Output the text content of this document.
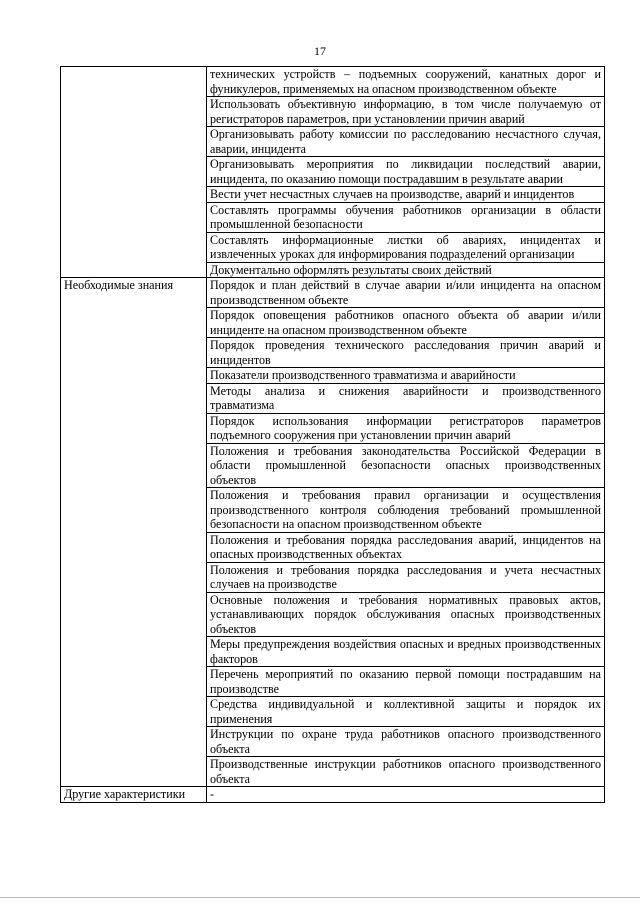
17
	технических устройств – подъемных сооружений, канатных дорог и фуникулеров, применяемых на опасном производственном объекте
	Использовать объективную информацию, в том числе получаемую от регистраторов параметров, при установлении причин аварий
	Организовывать работу комиссии по расследованию несчастного случая, аварии, инцидента
	Организовывать мероприятия по ликвидации последствий аварии, инцидента, по оказанию помощи пострадавшим в результате аварии
	Вести учет несчастных случаев на производстве, аварий и инцидентов
	Составлять программы обучения работников организации в области промышленной безопасности
	Составлять информационные листки об авариях, инцидентах и извлеченных уроках для информирования подразделений организации
	Документально оформлять результаты своих действий
Необходимые знания	Порядок и план действий в случае аварии и/или инцидента на опасном производственном объекте
	Порядок оповещения работников опасного объекта об аварии и/или инциденте на опасном производственном объекте
	Порядок проведения технического расследования причин аварий и инцидентов
	Показатели производственного травматизма и аварийности
	Методы анализа и снижения аварийности и производственного травматизма
	Порядок использования информации регистраторов параметров подъемного сооружения при установлении причин аварий
	Положения и требования законодательства Российской Федерации в области промышленной безопасности опасных производственных объектов
	Положения и требования правил организации и осуществления производственного контроля соблюдения требований промышленной безопасности на опасном производственном объекте
	Положения и требования порядка расследования аварий, инцидентов на опасных производственных объектах
	Положения и требования порядка расследования и учета несчастных случаев на производстве
	Основные положения и требования нормативных правовых актов, устанавливающих порядок обслуживания опасных производственных объектов
	Меры предупреждения воздействия опасных и вредных производственных факторов
	Перечень мероприятий по оказанию первой помощи пострадавшим на производстве
	Средства индивидуальной и коллективной защиты и порядок их применения
	Инструкции по охране труда работников опасного производственного объекта
	Производственные инструкции работников опасного производственного объекта
Другие характеристики	-
